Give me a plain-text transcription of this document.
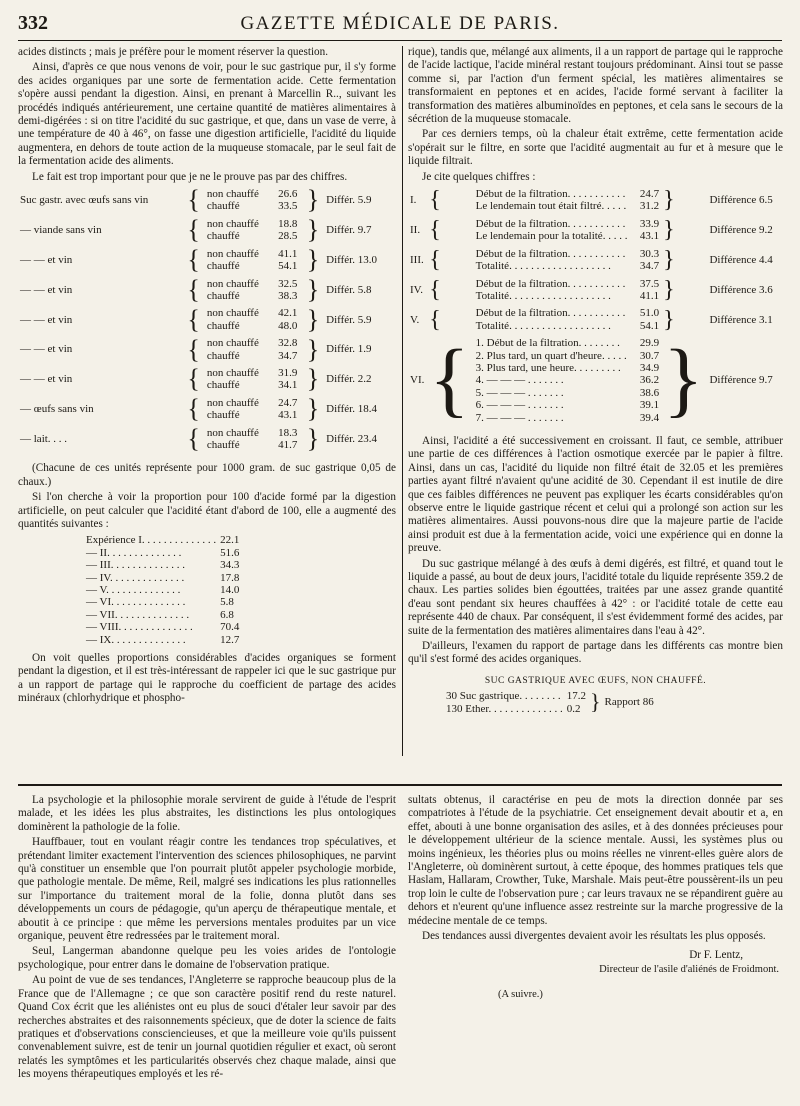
332	GAZETTE MÉDICALE DE PARIS.

acides distincts ; mais je préfère pour le moment réserver la question.

Ainsi, d'après ce que nous venons de voir, pour le suc gastrique pur, il s'y forme des acides organiques par une sorte de fermentation acide. Cette fermentation s'opère aussi pendant la digestion. Ainsi, en prenant à Marcellin R.., suivant les procédés indiqués antérieurement, une certaine quantité de matières alimentaires à demi-digérées : si on titre l'acidité du suc gastrique, et que, dans un vase de verre, à une température de 40 à 46°, on fasse une digestion artificielle, l'acidité du liquide augmentera, en dehors de toute action de la muqueuse stomacale, par le seul fait de la fermentation acide des aliments.

Le fait est trop important pour que je ne le prouve pas par des chiffres.

Suc gastr. avec œufs sans vin	{	non chauffé	26.6	}	Différ. 5.9
		chauffé	33.5		

— viande sans vin	{	non chauffé	18.8	}	Différ. 9.7
		chauffé	28.5		

— — et vin	{	non chauffé	41.1	}	Différ. 13.0
		chauffé	54.1		

— — et vin	{	non chauffé	32.5	}	Différ. 5.8
		chauffé	38.3		

— — et vin	{	non chauffé	42.1	}	Différ. 5.9
		chauffé	48.0		

— — et vin	{	non chauffé	32.8	}	Différ. 1.9
		chauffé	34.7		

— — et vin	{	non chauffé	31.9	}	Différ. 2.2
		chauffé	34.1		

— œufs sans vin	{	non chauffé	24.7	}	Différ. 18.4
		chauffé	43.1		

— lait. . . .	{	non chauffé	18.3	}	Différ. 23.4
		chauffé	41.7		

(Chacune de ces unités représente pour 1000 gram. de suc gastrique 0,05 de chaux.)

Si l'on cherche à voir la proportion pour 100 d'acide formé par la digestion artificielle, on peut calculer que l'acidité étant d'abord de 100, elle a augmenté des quantités suivantes :

Expérience I. . . . . . . . . . . . . .	22.1
— II. . . . . . . . . . . . . .	51.6
— III. . . . . . . . . . . . . .	34.3
— IV. . . . . . . . . . . . . .	17.8
— V. . . . . . . . . . . . . .	14.0
— VI. . . . . . . . . . . . . .	5.8
— VII. . . . . . . . . . . . . .	6.8
— VIII. . . . . . . . . . . . . .	70.4
— IX. . . . . . . . . . . . . .	12.7

On voit quelles proportions considérables d'acides organiques se forment pendant la digestion, et il est très-intéressant de rappeler ici que le suc gastrique pur a un rapport de partage qui le rapproche du coefficient de partage des acides minéraux (chlorhydrique et phospho-

rique), tandis que, mélangé aux aliments, il a un rapport de partage qui le rapproche de l'acide lactique, l'acide minéral restant toujours prédominant. Ainsi tout se passe comme si, par l'action d'un ferment spécial, les matières alimentaires se transformaient en peptones et en acides, l'acide formé servant à faciliter la transformation des matières albuminoïdes en peptones, et cela sans le secours de la sécrétion de la muqueuse stomacale.

Par ces derniers temps, où la chaleur était extrême, cette fermentation acide s'opérait sur le filtre, en sorte que l'acidité augmentait au fur et à mesure que le liquide filtrait.

Je cite quelques chiffres :

I.	{	Début de la filtration. . . . . . . . . . .	24.7	}	Différence 6.5
		Le lendemain tout était filtré. . . . .	31.2		

II.	{	Début de la filtration. . . . . . . . . . .	33.9	}	Différence 9.2
		Le lendemain pour la totalité. . . . .	43.1		

III.	{	Début de la filtration. . . . . . . . . . .	30.3	}	Différence 4.4
		Totalité. . . . . . . . . . . . . . . . . . .	34.7		

IV.	{	Début de la filtration. . . . . . . . . . .	37.5	}	Différence 3.6
		Totalité. . . . . . . . . . . . . . . . . . .	41.1		

V.	{	Début de la filtration. . . . . . . . . . .	51.0	}	Différence 3.1
		Totalité. . . . . . . . . . . . . . . . . . .	54.1		

VI.	{	1. Début de la filtration. . . . . . . .	29.9	}	Différence 9.7
		2. Plus tard, un quart d'heure. . . . .	30.7		
		3. Plus tard, une heure. . . . . . . . .	34.9		
		4. — — — . . . . . . .	36.2		
		5. — — — . . . . . . .	38.6		
		6. — — — . . . . . . .	39.1		
		7. — — — . . . . . . .	39.4		

Ainsi, l'acidité a été successivement en croissant. Il faut, ce semble, attribuer une partie de ces différences à l'action osmotique exercée par le papier à filtre. Ainsi, dans un cas, l'acidité du liquide non filtré était de 32.05 et les premières parties ayant filtré n'avaient qu'une acidité de 30. Cependant il est inutile de dire que ces faibles différences ne peuvent pas expliquer les écarts considérables qu'on observe entre le liquide gastrique récent et celui qui a prolongé son action sur les matières alimentaires. Aussi pouvons-nous dire que la majeure partie de l'acide ainsi produit est due à la fermentation acide, voici une expérience qui en donne la preuve.

Du suc gastrique mélangé à des œufs à demi digérés, est filtré, et quand tout le liquide a passé, au bout de deux jours, l'acidité totale du liquide représente 359.2 de chaux. Les parties solides bien égouttées, traitées par une assez grande quantité d'eau sont pendant six heures chauffées à 42° : or l'acidité totale de cette eau représente 440 de chaux. Par conséquent, il s'est évidemment formé des acides, par suite de la fermentation des matières alimentaires dans l'eau à 42°.

D'ailleurs, l'examen du rapport de partage dans les différents cas montre bien qu'il s'est formé des acides organiques.

SUC GASTRIQUE AVEC ŒUFS, NON CHAUFFÉ.
30 Suc gastrique. . . . . . . .	17.2	}	Rapport 86
130 Ether. . . . . . . . . . . . . .	0.2		

La psychologie et la philosophie morale servirent de guide à l'étude de l'esprit malade, et les idées les plus abstraites, les distinctions les plus ontologiques dominèrent la pathologie de la folie.

Hauffbauer, tout en voulant réagir contre les tendances trop spéculatives, et prétendant limiter exactement l'intervention des sciences philosophiques, ne parvint qu'à constituer un ensemble que l'on pourrait plutôt appeler psychologie morbide, que pathologie mentale. De même, Reil, malgré ses indications les plus rationnelles sur l'importance du traitement moral de la folie, donna plutôt dans ses développements un cours de pédagogie, qu'un aperçu de thérapeutique mentale, et aboutit à ce principe : que même les perversions mentales produites par un vice organique, peuvent être redressées par le traitement moral.

Seul, Langerman abandonne quelque peu les voies arides de l'ontologie psychologique, pour entrer dans le domaine de l'observation pratique.

Au point de vue de ses tendances, l'Angleterre se rapproche beaucoup plus de la France que de l'Allemagne ; ce que son caractère positif rend du reste naturel. Quand Cox écrit que les aliénistes ont eu plus de souci d'étaler leur savoir par des recherches abstraites et des raisonnements spécieux, que de doter la science de faits pratiques et d'observations consciencieuses, et que la meilleure voie qu'ils puissent convenablement suivre, est de tenir un journal quotidien régulier et exact, où seront relatés les symptômes et les particularités observés chez chaque malade, ainsi que les moyens thérapeutiques employés et les ré-

sultats obtenus, il caractérise en peu de mots la direction donnée par ses compatriotes à l'étude de la psychiatrie. Cet enseignement devait aboutir et a, en effet, abouti à une bonne organisation des asiles, et à des données précieuses pour le développement ultérieur de la science mentale. Aussi, les systèmes plus ou moins ingénieux, les théories plus ou moins réelles ne vinrent-elles guère alors de l'Angleterre, où dominèrent surtout, à cette époque, des hommes pratiques tels que Haslam, Hallaram, Crowther, Tuke, Marshale. Mais peut-être poussèrent-ils un peu trop loin le culte de l'observation pure ; car leurs travaux ne se répandirent guère au dehors et n'eurent qu'une influence assez restreinte sur la marche progressive de la médecine mentale de ce temps.

Des tendances aussi divergentes devaient avoir les résultats les plus opposés.

Dr F. Lentz,
Directeur de l'asile d'aliénés de Froidmont.
(A suivre.)
